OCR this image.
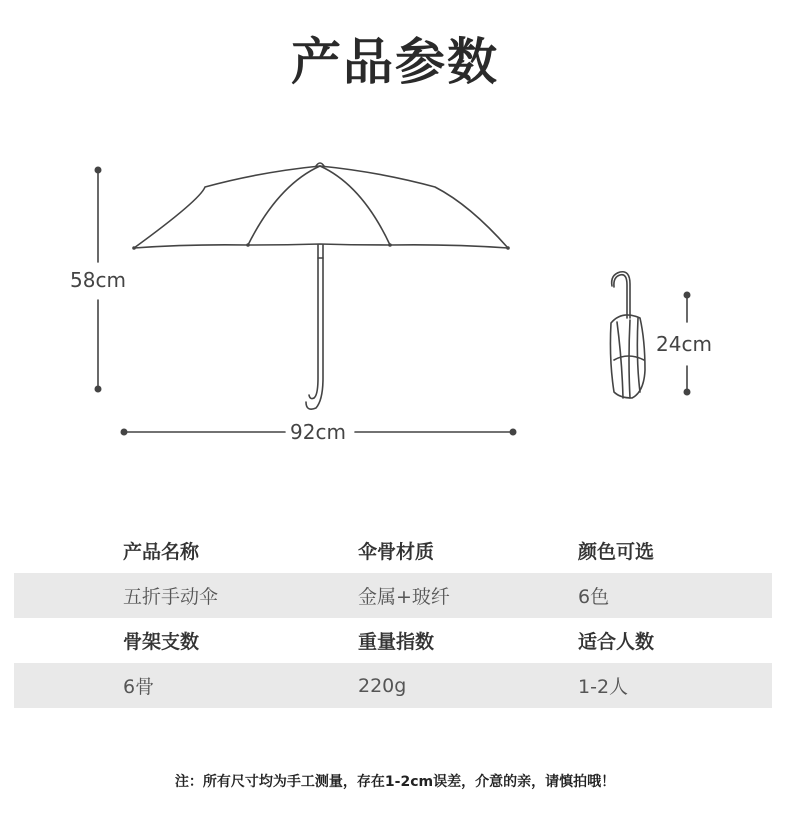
产品参数
58cm
92cm
24cm
产品名称	伞骨材质	颜色可选
五折手动伞	金属+玻纤	6色
骨架支数	重量指数	适合人数
6骨	220g	1-2人
注：所有尺寸均为手工测量，存在1-2cm误差，介意的亲，请慎拍哦！
